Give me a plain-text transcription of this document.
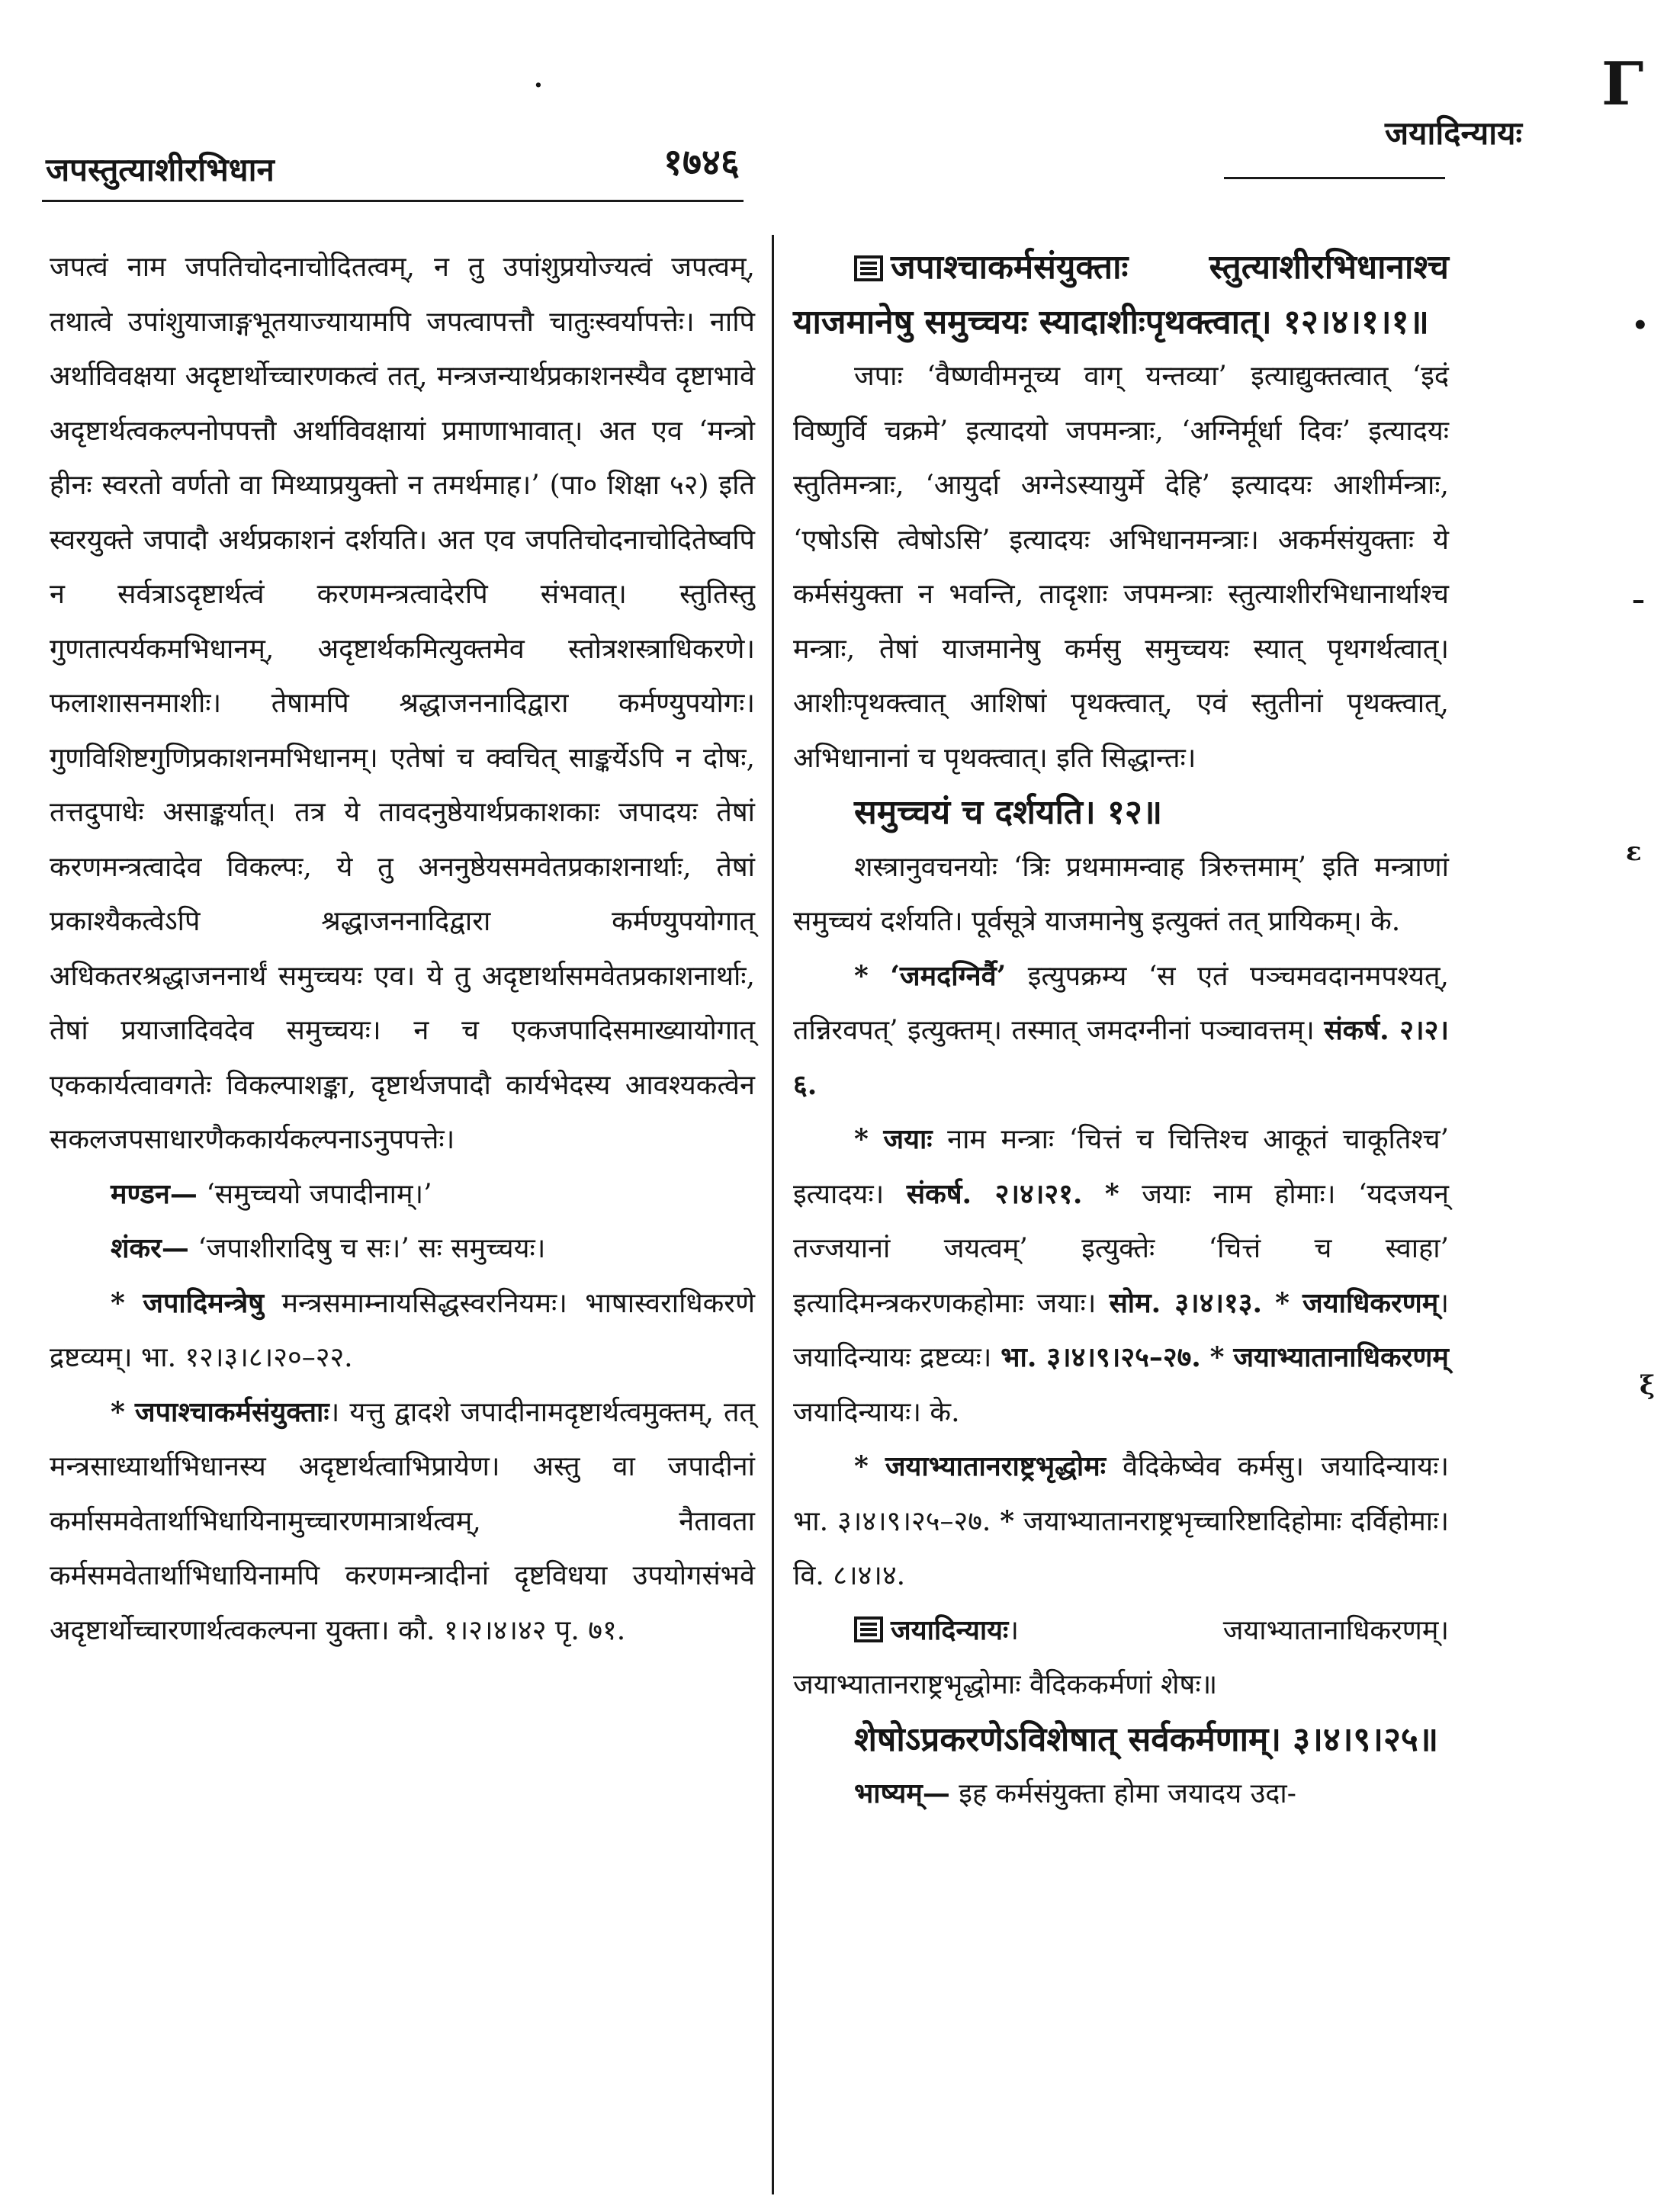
जपस्तुत्याशीरभिधान	१७४६
जयादिन्यायः
Γ

जपत्वं नाम जपतिचोदनाचोदितत्वम्, न तु उपांशुप्रयोज्यत्वं जपत्वम्, तथात्वे उपांशुयाजाङ्गभूतयाज्यायामपि जपत्वापत्तौ चातुःस्वर्यापत्तेः। नापि अर्थाविवक्षया अदृष्टार्थोच्चारणकत्वं तत्, मन्त्रजन्यार्थप्रकाशनस्यैव दृष्टाभावे अदृष्टार्थत्वकल्पनोपपत्तौ अर्थाविवक्षायां प्रमाणाभावात्। अत एव ‘मन्त्रो हीनः स्वरतो वर्णतो वा मिथ्याप्रयुक्तो न तमर्थमाह।’ (पा० शिक्षा ५२) इति स्वरयुक्ते जपादौ अर्थप्रकाशनं दर्शयति। अत एव जपतिचोदनाचोदितेष्वपि न सर्वत्राऽदृष्टार्थत्वं करणमन्त्रत्वादेरपि संभवात्। स्तुतिस्तु गुणतात्पर्यकमभिधानम्, अदृष्टार्थकमित्युक्तमेव स्तोत्रशस्त्राधिकरणे। फलाशासनमाशीः। तेषामपि श्रद्धाजननादिद्वारा कर्मण्युपयोगः। गुणविशिष्टगुणिप्रकाशनमभिधानम्। एतेषां च क्वचित् साङ्कर्येऽपि न दोषः, तत्तदुपाधेः असाङ्कर्यात्। तत्र ये तावदनुष्ठेयार्थप्रकाशकाः जपादयः तेषां करणमन्त्रत्वादेव विकल्पः, ये तु अननुष्ठेयसमवेतप्रकाशनार्थाः, तेषां प्रकाश्यैकत्वेऽपि श्रद्धाजननादिद्वारा कर्मण्युपयोगात् अधिकतरश्रद्धाजननार्थं समुच्चयः एव। ये तु अदृष्टार्थासमवेतप्रकाशनार्थाः, तेषां प्रयाजादिवदेव समुच्चयः। न च एकजपादिसमाख्यायोगात् एककार्यत्वावगतेः विकल्पाशङ्का, दृष्टार्थजपादौ कार्यभेदस्य आवश्यकत्वेन सकलजपसाधारणैककार्यकल्पनाऽनुपपत्तेः।

मण्डन— ‘समुच्चयो जपादीनाम्।’

शंकर— ‘जपाशीरादिषु च सः।’ सः समुच्चयः।

* जपादिमन्त्रेषु मन्त्रसमाम्नायसिद्धस्वरनियमः। भाषास्वराधिकरणे द्रष्टव्यम्। भा. १२।३।८।२०–२२.

* जपाश्चाकर्मसंयुक्ताः। यत्तु द्वादशे जपादीनामदृष्टार्थत्वमुक्तम्, तत् मन्त्रसाध्यार्थाभिधानस्य अदृष्टार्थत्वाभिप्रायेण। अस्तु वा जपादीनां कर्मासमवेतार्थाभिधायिनामुच्चारणमात्रार्थत्वम्, नैतावता कर्मसमवेतार्थाभिधायिनामपि करणमन्त्रादीनां दृष्टविधया उपयोगसंभवे अदृष्टार्थोच्चारणार्थत्वकल्पना युक्ता। कौ. १।२।४।४२ पृ. ७१.

जपाश्चाकर्मसंयुक्ताः स्तुत्याशीरभिधानाश्च याजमानेषु समुच्चयः स्यादाशीःपृथक्त्वात्। १२।४।१।१॥

जपाः ‘वैष्णवीमनूच्य वाग् यन्तव्या’ इत्याद्युक्तत्वात् ‘इदं विष्णुर्वि चक्रमे’ इत्यादयो जपमन्त्राः, ‘अग्निर्मूर्धा दिवः’ इत्यादयः स्तुतिमन्त्राः, ‘आयुर्दा अग्नेऽस्यायुर्मे देहि’ इत्यादयः आशीर्मन्त्राः, ‘एषोऽसि त्वेषोऽसि’ इत्यादयः अभिधानमन्त्राः। अकर्मसंयुक्ताः ये कर्मसंयुक्ता न भवन्ति, तादृशाः जपमन्त्राः स्तुत्याशीरभिधानार्थाश्च मन्त्राः, तेषां याजमानेषु कर्मसु समुच्चयः स्यात् पृथगर्थत्वात्। आशीःपृथक्त्वात् आशिषां पृथक्त्वात्, एवं स्तुतीनां पृथक्त्वात्, अभिधानानां च पृथक्त्वात्। इति सिद्धान्तः।

समुच्चयं च दर्शयति। १२॥

शस्त्रानुवचनयोः ‘त्रिः प्रथमामन्वाह त्रिरुत्तमाम्’ इति मन्त्राणां समुच्चयं दर्शयति। पूर्वसूत्रे याजमानेषु इत्युक्तं तत् प्रायिकम्। के.

* ‘जमदग्निर्वै’ इत्युपक्रम्य ‘स एतं पञ्चमवदानमपश्यत्, तन्निरवपत्’ इत्युक्तम्। तस्मात् जमदग्नीनां पञ्चावत्तम्। संकर्ष. २।२।६.

* जयाः नाम मन्त्राः ‘चित्तं च चित्तिश्च आकूतं चाकूतिश्च’ इत्यादयः। संकर्ष. २।४।२१. * जयाः नाम होमाः। ‘यदजयन् तज्जयानां जयत्वम्’ इत्युक्तेः ‘चित्तं च स्वाहा’ इत्यादिमन्त्रकरणकहोमाः जयाः। सोम. ३।४।१३. * जयाधिकरणम्। जयादिन्यायः द्रष्टव्यः। भा. ३।४।९।२५–२७. * जयाभ्यातानाधिकरणम् जयादिन्यायः। के.

* जयाभ्यातानराष्ट्रभृद्धोमः वैदिकेष्वेव कर्मसु। जयादिन्यायः। भा. ३।४।९।२५–२७. * जयाभ्यातानराष्ट्रभृच्चारिष्टादिहोमाः दर्विहोमाः। वि. ८।४।४.

जयादिन्यायः। जयाभ्यातानाधिकरणम्। जयाभ्यातानराष्ट्रभृद्धोमाः वैदिककर्मणां शेषः॥

शेषोऽप्रकरणेऽविशेषात् सर्वकर्मणाम्। ३।४।९।२५॥

भाष्यम्— इह कर्मसंयुक्ता होमा जयादय उदा-

•
–
ε
ξ
·
